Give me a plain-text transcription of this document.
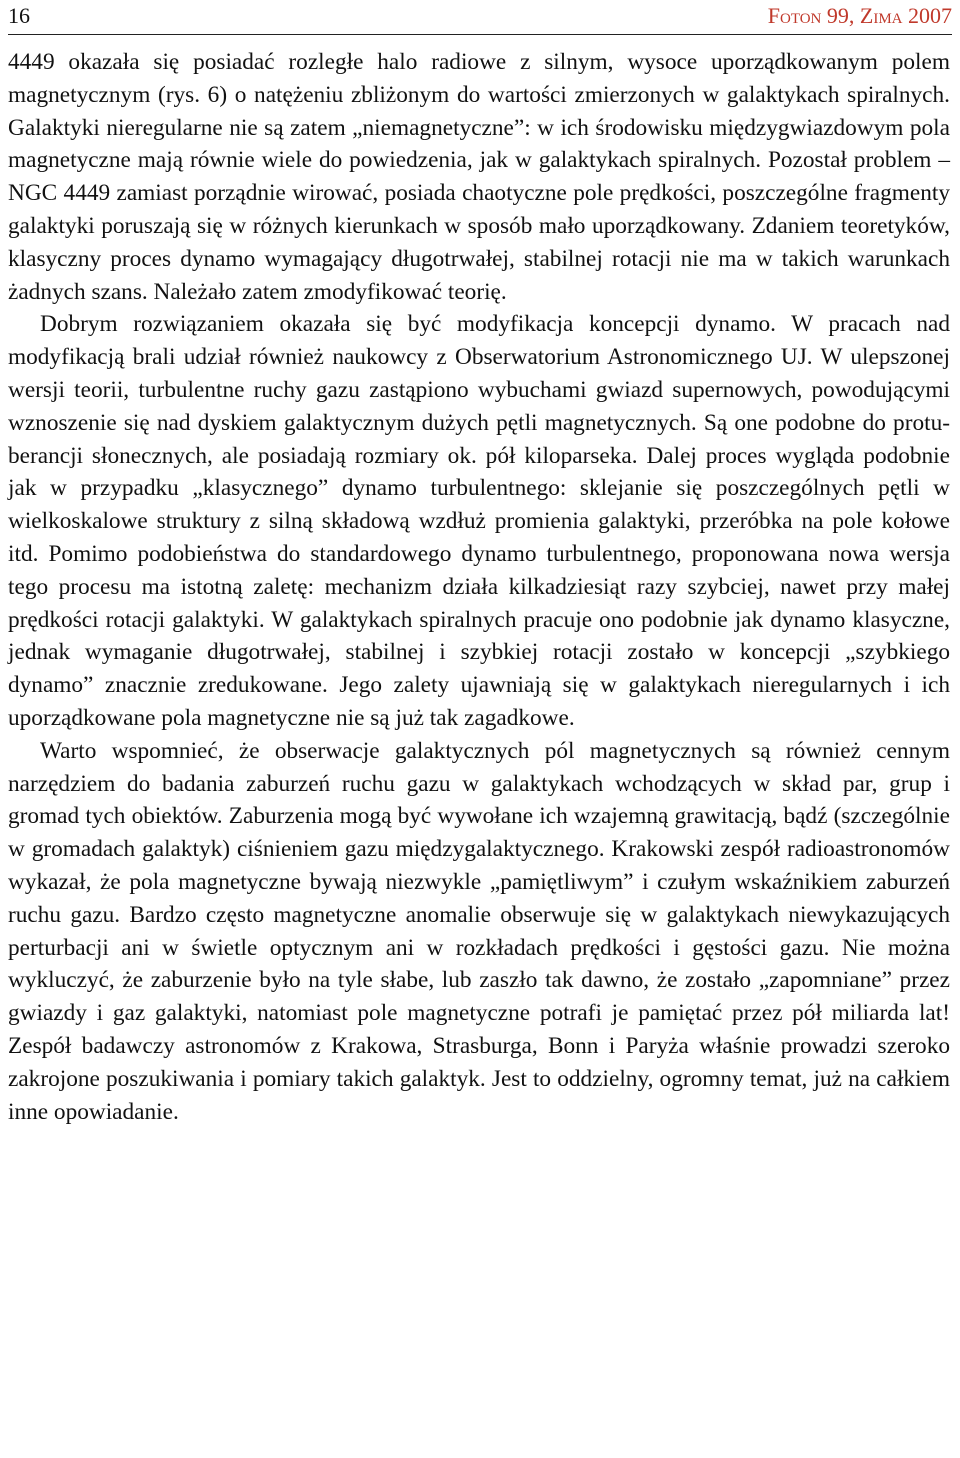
16	Foton 99, Zima 2007

4449 okazała się posiadać rozległe halo radiowe z silnym, wysoce uporządkowanym polem magnetycznym (rys. 6) o natężeniu zbliżonym do wartości zmierzonych w galaktykach spiralnych. Galaktyki nieregularne nie są zatem „niemagnetyczne”: w ich środowisku międzygwiazdowym pola magnetyczne mają równie wiele do powiedzenia, jak w galaktykach spiralnych. Pozostał problem – NGC 4449 zamiast porządnie wirować, posiada chaotyczne pole prędkości, poszczególne fragmenty galaktyki poruszają się w różnych kierunkach w sposób mało uporządkowany. Zdaniem teoretyków, klasyczny proces dynamo wymagający długotrwałej, stabilnej rotacji nie ma w takich warunkach żadnych szans. Należało zatem zmodyfikować teorię.

Dobrym rozwiązaniem okazała się być modyfikacja koncepcji dynamo. W pracach nad modyfikacją brali udział również naukowcy z Obserwatorium Astronomicznego UJ. W ulepszonej wersji teorii, turbulentne ruchy gazu zastąpiono wybuchami gwiazd supernowych, powodującymi wznoszenie się nad dyskiem galaktycznym dużych pętli magnetycznych. Są one podobne do protuberancji słonecznych, ale posiadają rozmiary ok. pół kiloparseka. Dalej proces wygląda podobnie jak w przypadku „klasycznego” dynamo turbulentnego: sklejanie się poszczególnych pętli w wielkoskalowe struktury z silną składową wzdłuż promienia galaktyki, przeróbka na pole kołowe itd. Pomimo podobieństwa do standardowego dynamo turbulentnego, proponowana nowa wersja tego procesu ma istotną zaletę: mechanizm działa kilkadziesiąt razy szybciej, nawet przy małej prędkości rotacji galaktyki. W galaktykach spiralnych pracuje ono podobnie jak dynamo klasyczne, jednak wymaganie długotrwałej, stabilnej i szybkiej rotacji zostało w koncepcji „szybkiego dynamo” znacznie zredukowane. Jego zalety ujawniają się w galaktykach nieregularnych i ich uporządkowane pola magnetyczne nie są już tak zagadkowe.

Warto wspomnieć, że obserwacje galaktycznych pól magnetycznych są również cennym narzędziem do badania zaburzeń ruchu gazu w galaktykach wchodzących w skład par, grup i gromad tych obiektów. Zaburzenia mogą być wywołane ich wzajemną grawitacją, bądź (szczególnie w gromadach galaktyk) ciśnieniem gazu międzygalaktycznego. Krakowski zespół radioastronomów wykazał, że pola magnetyczne bywają niezwykle „pamiętliwym” i czułym wskaźnikiem zaburzeń ruchu gazu. Bardzo często magnetyczne anomalie obserwuje się w galaktykach niewykazujących perturbacji ani w świetle optycznym ani w rozkładach prędkości i gęstości gazu. Nie można wykluczyć, że zaburzenie było na tyle słabe, lub zaszło tak dawno, że zostało „zapomniane” przez gwiazdy i gaz galaktyki, natomiast pole magnetyczne potrafi je pamiętać przez pół miliarda lat! Zespół badawczy astronomów z Krakowa, Strasburga, Bonn i Paryża właśnie prowadzi szeroko zakrojone poszukiwania i pomiary takich galaktyk. Jest to oddzielny, ogromny temat, już na całkiem inne opowiadanie.
